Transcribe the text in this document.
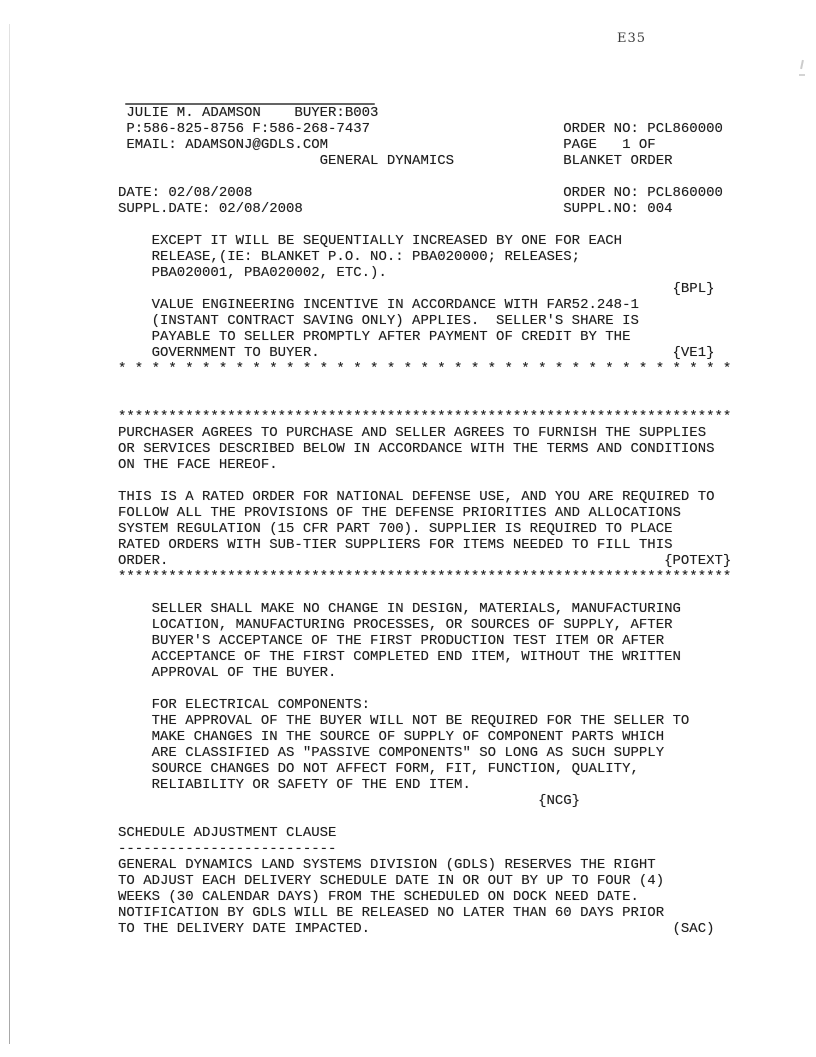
E35
JULIE M. ADAMSON    BUYER:B003
P:586-825-8756 F:586-268-7437                       ORDER NO: PCL860000
EMAIL: ADAMSONJ@GDLS.COM                            PAGE   1 OF
GENERAL DYNAMICS             BLANKET ORDER

DATE: 02/08/2008                                     ORDER NO: PCL860000
SUPPL.DATE: 02/08/2008                               SUPPL.NO: 004

EXCEPT IT WILL BE SEQUENTIALLY INCREASED BY ONE FOR EACH
RELEASE,(IE: BLANKET P.O. NO.: PBA020000; RELEASES;
PBA020001, PBA020002, ETC.).
{BPL}
VALUE ENGINEERING INCENTIVE IN ACCORDANCE WITH FAR52.248-1
(INSTANT CONTRACT SAVING ONLY) APPLIES.  SELLER'S SHARE IS
PAYABLE TO SELLER PROMPTLY AFTER PAYMENT OF CREDIT BY THE
GOVERNMENT TO BUYER.                                          {VE1}
* * * * * * * * * * * * * * * * * * * * * * * * * * * * * * * * * * * * *

*************************************************************************
PURCHASER AGREES TO PURCHASE AND SELLER AGREES TO FURNISH THE SUPPLIES
OR SERVICES DESCRIBED BELOW IN ACCORDANCE WITH THE TERMS AND CONDITIONS
ON THE FACE HEREOF.

THIS IS A RATED ORDER FOR NATIONAL DEFENSE USE, AND YOU ARE REQUIRED TO
FOLLOW ALL THE PROVISIONS OF THE DEFENSE PRIORITIES AND ALLOCATIONS
SYSTEM REGULATION (15 CFR PART 700). SUPPLIER IS REQUIRED TO PLACE
RATED ORDERS WITH SUB-TIER SUPPLIERS FOR ITEMS NEEDED TO FILL THIS
ORDER.                                                           {POTEXT}
*************************************************************************

SELLER SHALL MAKE NO CHANGE IN DESIGN, MATERIALS, MANUFACTURING
LOCATION, MANUFACTURING PROCESSES, OR SOURCES OF SUPPLY, AFTER
BUYER'S ACCEPTANCE OF THE FIRST PRODUCTION TEST ITEM OR AFTER
ACCEPTANCE OF THE FIRST COMPLETED END ITEM, WITHOUT THE WRITTEN
APPROVAL OF THE BUYER.

FOR ELECTRICAL COMPONENTS:
THE APPROVAL OF THE BUYER WILL NOT BE REQUIRED FOR THE SELLER TO
MAKE CHANGES IN THE SOURCE OF SUPPLY OF COMPONENT PARTS WHICH
ARE CLASSIFIED AS "PASSIVE COMPONENTS" SO LONG AS SUCH SUPPLY
SOURCE CHANGES DO NOT AFFECT FORM, FIT, FUNCTION, QUALITY,
RELIABILITY OR SAFETY OF THE END ITEM.
{NCG}

SCHEDULE ADJUSTMENT CLAUSE
--------------------------
GENERAL DYNAMICS LAND SYSTEMS DIVISION (GDLS) RESERVES THE RIGHT
TO ADJUST EACH DELIVERY SCHEDULE DATE IN OR OUT BY UP TO FOUR (4)
WEEKS (30 CALENDAR DAYS) FROM THE SCHEDULED ON DOCK NEED DATE.
NOTIFICATION BY GDLS WILL BE RELEASED NO LATER THAN 60 DAYS PRIOR
TO THE DELIVERY DATE IMPACTED.                                    (SAC)
